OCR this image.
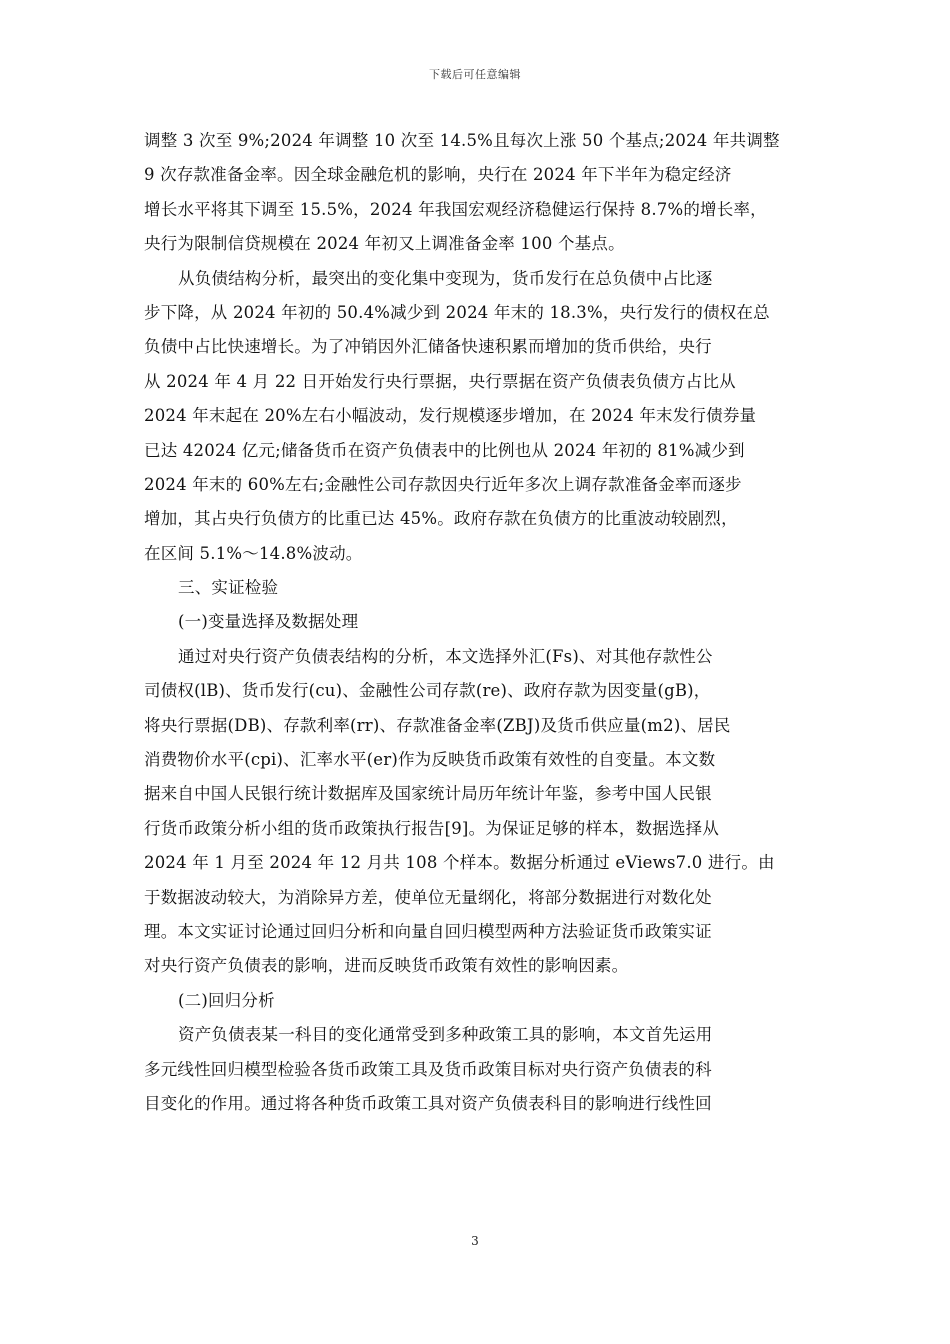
下载后可任意编辑
调整 3 次至 9%;2024 年调整 10 次至 14.5%且每次上涨 50 个基点;2024 年共调整
9 次存款准备金率。因全球金融危机的影响，央行在 2024 年下半年为稳定经济
增长水平将其下调至 15.5%，2024 年我国宏观经济稳健运行保持 8.7%的增长率，
央行为限制信贷规模在 2024 年初又上调准备金率 100 个基点。
从负债结构分析，最突出的变化集中变现为，货币发行在总负债中占比逐
步下降，从 2024 年初的 50.4%减少到 2024 年末的 18.3%，央行发行的债权在总
负债中占比快速增长。为了冲销因外汇储备快速积累而增加的货币供给，央行
从 2024 年 4 月 22 日开始发行央行票据，央行票据在资产负债表负债方占比从
2024 年末起在 20%左右小幅波动，发行规模逐步增加，在 2024 年末发行债券量
已达 42024 亿元;储备货币在资产负债表中的比例也从 2024 年初的 81%减少到
2024 年末的 60%左右;金融性公司存款因央行近年多次上调存款准备金率而逐步
增加，其占央行负债方的比重已达 45%。政府存款在负债方的比重波动较剧烈，
在区间 5.1%～14.8%波动。
三、实证检验
(一)变量选择及数据处理
通过对央行资产负债表结构的分析，本文选择外汇(Fs)、对其他存款性公
司债权(lB)、货币发行(cu)、金融性公司存款(re)、政府存款为因变量(gB)，
将央行票据(DB)、存款利率(rr)、存款准备金率(ZBJ)及货币供应量(m2)、居民
消费物价水平(cpi)、汇率水平(er)作为反映货币政策有效性的自变量。本文数
据来自中国人民银行统计数据库及国家统计局历年统计年鉴，参考中国人民银
行货币政策分析小组的货币政策执行报告[9]。为保证足够的样本，数据选择从
2024 年 1 月至 2024 年 12 月共 108 个样本。数据分析通过 eViews7.0 进行。由
于数据波动较大，为消除异方差，使单位无量纲化，将部分数据进行对数化处
理。本文实证讨论通过回归分析和向量自回归模型两种方法验证货币政策实证
对央行资产负债表的影响，进而反映货币政策有效性的影响因素。
(二)回归分析
资产负债表某一科目的变化通常受到多种政策工具的影响，本文首先运用
多元线性回归模型检验各货币政策工具及货币政策目标对央行资产负债表的科
目变化的作用。通过将各种货币政策工具对资产负债表科目的影响进行线性回
3
